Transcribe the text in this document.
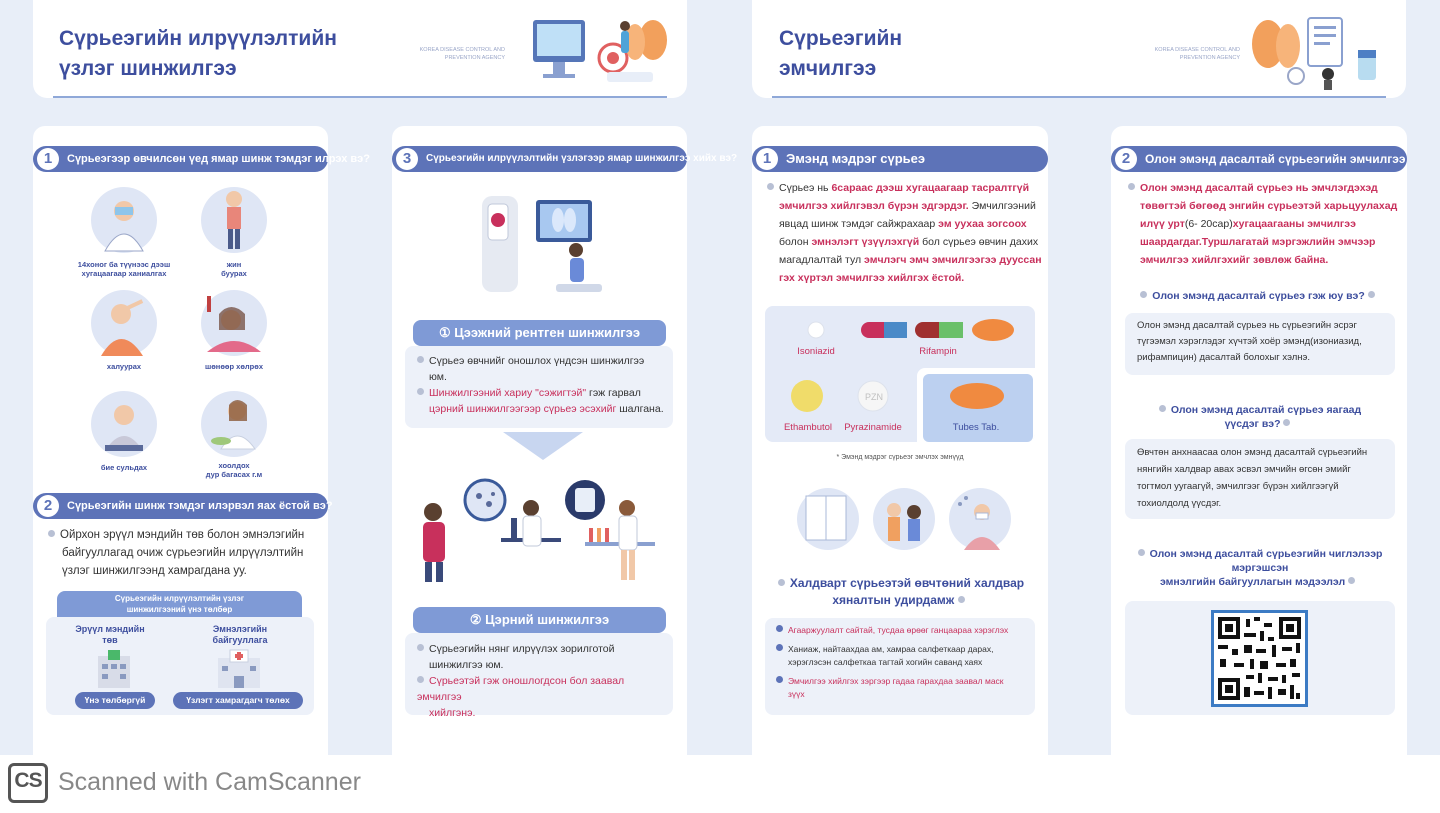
Сүрьеэгийн илрүүлэлтийн
үзлэг шинжилгээ
KOREA DISEASE CONTROL AND
PREVENTION AGENCY
Сүрьеэгийн
эмчилгээ
KOREA DISEASE CONTROL AND
PREVENTION AGENCY
1	Сүрьеэгээр өвчилсөн үед ямар шинж тэмдэг илрэх вэ?
14хоног ба түүнээс дээш
хугацаагаар ханиалгах
жин
буурах
халуурах	шөнөөр хөлрөх
бие сульдах	хоолдох
дур багасах г.м
2	Сүрьеэгийн шинж тэмдэг илэрвэл яах ёстой вэ?
Ойрхон эрүүл мэндийн төв болон эмнэлэгийн
байгууллагад очиж сүрьеэгийн илрүүлэлтийн
үзлэг шинжилгээнд хамрагдана уу.
Сүрьеэгийн илрүүлэлтийн үзлэг
шинжилгээний үнэ төлбөр
Эрүүл мэндийн
төв
Эмнэлэгийн
байгууллага
Үнэ төлбөргүй	Үзлэгт хамрагдагч төлөх
3	Сүрьеэгийн илрүүлэлтийн үзлэгээр ямар шинжилгээ хийх вэ?
① Цээжний рентген шинжилгээ
Сүрьеэ өвчнийг оношлох үндсэн шинжилгээ
юм.
Шинжилгээний хариу "сэжигтэй" гэж гарвал
цэрний шинжилгээгээр сүрьеэ эсэхийг шалгана.
② Цэрний шинжилгээ
Сүрьеэгийн нянг илрүүлэх зорилготой
шинжилгээ юм.
Сүрьеэтэй гэж оношлогдсон бол заавал эмчилгээ
хийлгэнэ.
1	Эмэнд мэдрэг сүрьеэ
Сүрьеэ нь 6сараас дээш хугацаагаар тасралтгүй
эмчилгээ хийлгэвэл бүрэн эдгэрдэг. Эмчилгээний
явцад шинж тэмдэг сайжрахаар эм уухаа зогсоох
болон эмнэлэгт үзүүлэхгүй бол сүрьеэ өвчин дахих
магадлалтай тул эмчлэгч эмч эмчилгээгээ дууссан
гэх хүртэл эмчилгээ хийлгэх ёстой.
PZN
Isoniazid	Rifampin
Ethambutol	Pyrazinamide	Tubes Tab.
* Эмэнд мэдрэг сүрьеэг эмчлэх эмнүүд
Халдварт сүрьеэтэй өвчтөний халдвар
хяналтын удирдамж
Агааржуулалт сайтай, тусдаа өрөөг ганцаараа хэрэглэх
Ханиаж, найтаахдаа ам, хамраа салфеткаар дарах,
хэрэглэсэн салфеткаа тагтай хогийн саванд хаях
Эмчилгээ хийлгэх зэргээр гадаа гарахдаа заавал маск
зүүх
2	Олон эмэнд дасалтай сүрьеэгийн эмчилгээ
Олон эмэнд дасалтай сүрьеэ нь эмчлэгдэхэд
төвөгтэй бөгөөд энгийн сүрьеэтэй харьцуулахад
илүү урт(6- 20сар)хугацаагааны эмчилгээ
шаардагдаг.Туршлагатай мэргэжлийн эмчээр
эмчилгээ хийлгэхийг зөвлөж байна.
Олон эмэнд дасалтай сүрьеэ гэж юу вэ?
Олон эмэнд дасалтай сүрьеэ нь сүрьеэгийн эсрэг
түгээмэл хэрэглэдэг хүчтэй хоёр эмэнд(изониазид,
рифампицин) дасалтай болохыг хэлнэ.
Олон эмэнд дасалтай сүрьеэ яагаад
үүсдэг вэ?
Өвчтөн анхнаасаа олон эмэнд дасалтай сүрьеэгийн
нянгийн халдвар авах эсвэл эмчийн өгсөн эмийг
тогтмол уугаагүй, эмчилгээг бүрэн хийлгээгүй
тохиолдолд үүсдэг.
Олон эмэнд дасалтай сүрьеэгийн чиглэлээр
мэргэшсэн
эмнэлгийн байгууллагын мэдээлэл
CS Scanned with CamScanner
